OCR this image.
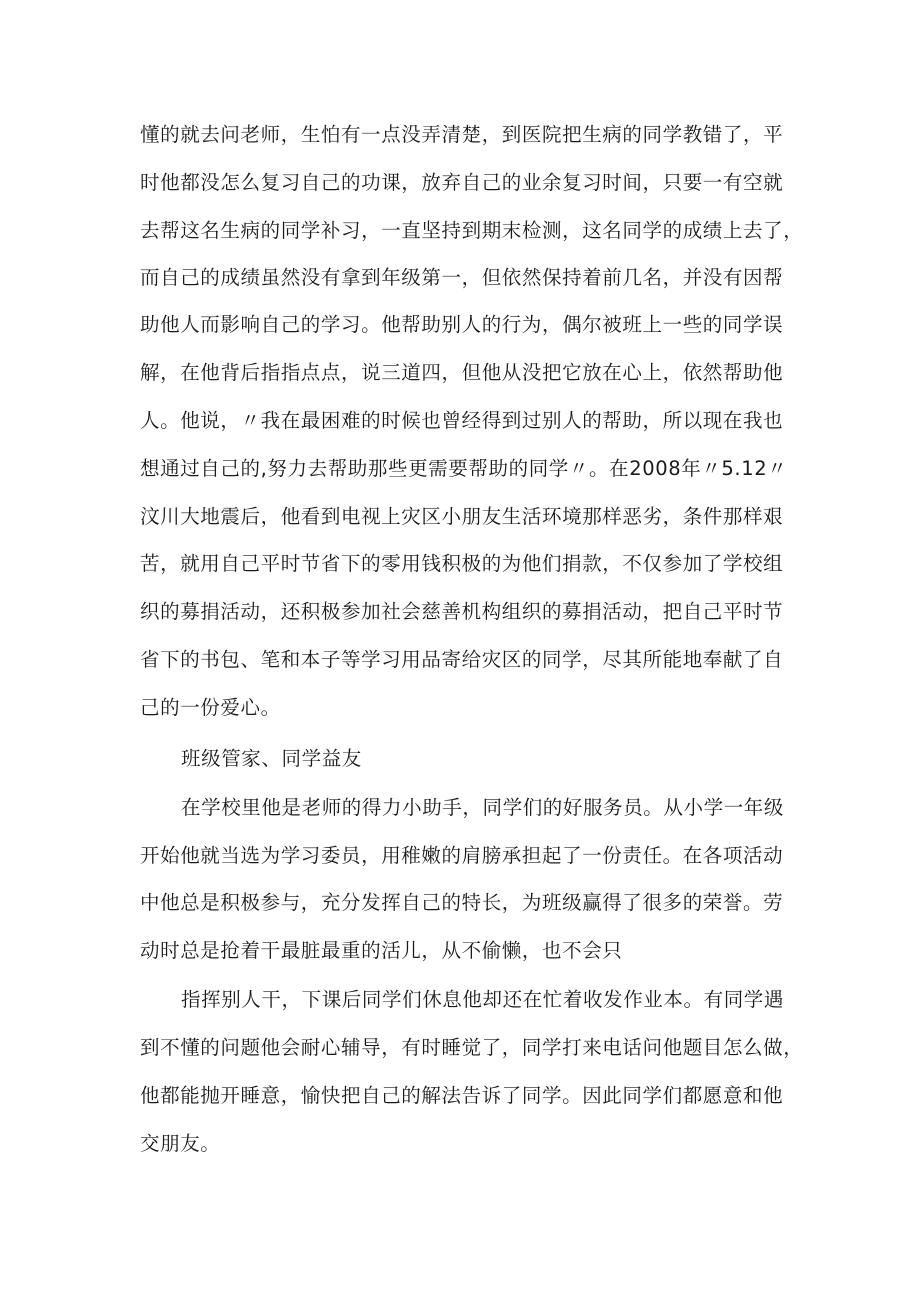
懂的就去问老师，生怕有一点没弄清楚，到医院把生病的同学教错了，平
时他都没怎么复习自己的功课，放弃自己的业余复习时间，只要一有空就
去帮这名生病的同学补习，一直坚持到期末检测，这名同学的成绩上去了，
而自己的成绩虽然没有拿到年级第一，但依然保持着前几名，并没有因帮
助他人而影响自己的学习。他帮助别人的行为，偶尔被班上一些的同学误
解，在他背后指指点点，说三道四，但他从没把它放在心上，依然帮助他
人。他说，〃我在最困难的时候也曾经得到过别人的帮助，所以现在我也
想通过自己的,努力去帮助那些更需要帮助的同学〃。在2008年〃5.12〃
汶川大地震后，他看到电视上灾区小朋友生活环境那样恶劣，条件那样艰
苦，就用自己平时节省下的零用钱积极的为他们捐款，不仅参加了学校组
织的募捐活动，还积极参加社会慈善机构组织的募捐活动，把自己平时节
省下的书包、笔和本子等学习用品寄给灾区的同学，尽其所能地奉献了自
己的一份爱心。
班级管家、同学益友
在学校里他是老师的得力小助手，同学们的好服务员。从小学一年级
开始他就当选为学习委员，用稚嫩的肩膀承担起了一份责任。在各项活动
中他总是积极参与，充分发挥自己的特长，为班级赢得了很多的荣誉。劳
动时总是抢着干最脏最重的活儿，从不偷懒，也不会只
指挥别人干，下课后同学们休息他却还在忙着收发作业本。有同学遇
到不懂的问题他会耐心辅导，有时睡觉了，同学打来电话问他题目怎么做，
他都能抛开睡意，愉快把自己的解法告诉了同学。因此同学们都愿意和他
交朋友。
